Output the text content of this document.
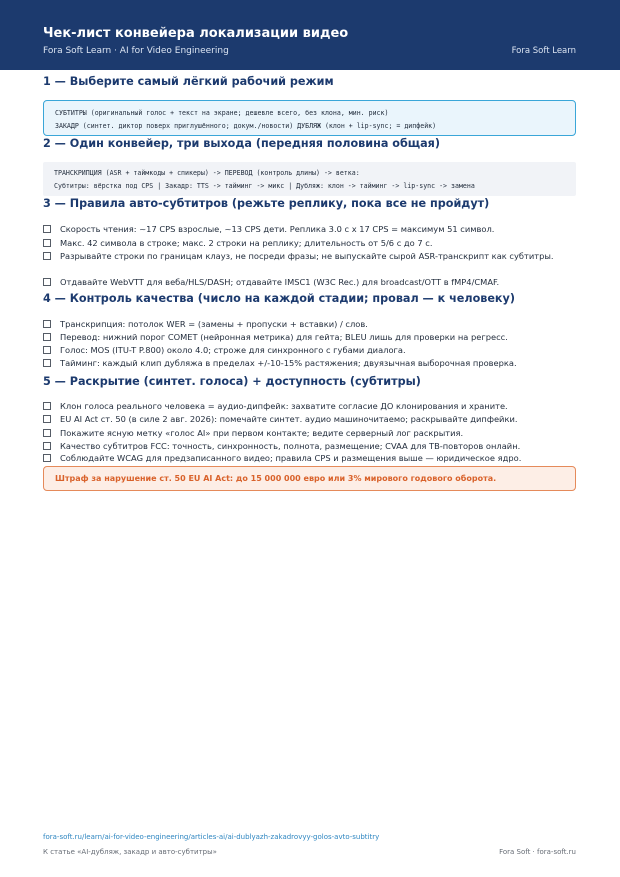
Чек-лист конвейера локализации видео
Fora Soft Learn · AI for Video Engineering	Fora Soft Learn
1 — Выберите самый лёгкий рабочий режим
СУБТИТРЫ (оригинальный голос + текст на экране; дешевле всего, без клона, мин. риск)
ЗАКАДР (синтет. диктор поверх приглушённого; докум./новости) ДУБЛЯЖ (клон + lip-sync; = дипфейк)
2 — Один конвейер, три выхода (передняя половина общая)
ТРАНСКРИПЦИЯ (ASR + таймкоды + спикеры) -> ПЕРЕВОД (контроль длины) -> ветка:
Субтитры: вёрстка под CPS | Закадр: TTS -> тайминг -> микс | Дубляж: клон -> тайминг -> lip-sync -> замена
3 — Правила авто-субтитров (режьте реплику, пока все не пройдут)
Скорость чтения: ~17 CPS взрослые, ~13 CPS дети. Реплика 3.0 с x 17 CPS = максимум 51 символ.
Макс. 42 символа в строке; макс. 2 строки на реплику; длительность от 5/6 с до 7 с.
Разрывайте строки по границам клауз, не посреди фразы; не выпускайте сырой ASR-транскрипт как субтитры.
Отдавайте WebVTT для веба/HLS/DASH; отдавайте IMSC1 (W3C Rec.) для broadcast/OTT в fMP4/CMAF.
4 — Контроль качества (число на каждой стадии; провал — к человеку)
Транскрипция: потолок WER = (замены + пропуски + вставки) / слов.
Перевод: нижний порог COMET (нейронная метрика) для гейта; BLEU лишь для проверки на регресс.
Голос: MOS (ITU-T P.800) около 4.0; строже для синхронного с губами диалога.
Тайминг: каждый клип дубляжа в пределах +/-10-15% растяжения; двуязычная выборочная проверка.
5 — Раскрытие (синтет. голоса) + доступность (субтитры)
Клон голоса реального человека = аудио-дипфейк: захватите согласие ДО клонирования и храните.
EU AI Act ст. 50 (в силе 2 авг. 2026): помечайте синтет. аудио машиночитаемо; раскрывайте дипфейки.
Покажите ясную метку «голос AI» при первом контакте; ведите серверный лог раскрытия.
Качество субтитров FCC: точность, синхронность, полнота, размещение; CVAA для ТВ-повторов онлайн.
Соблюдайте WCAG для предзаписанного видео; правила CPS и размещения выше — юридическое ядро.
Штраф за нарушение ст. 50 EU AI Act: до 15 000 000 евро или 3% мирового годового оборота.
fora-soft.ru/learn/ai-for-video-engineering/articles-ai/ai-dublyazh-zakadrovyy-golos-avto-subtitry
К статье «AI-дубляж, закадр и авто-субтитры»	Fora Soft · fora-soft.ru
